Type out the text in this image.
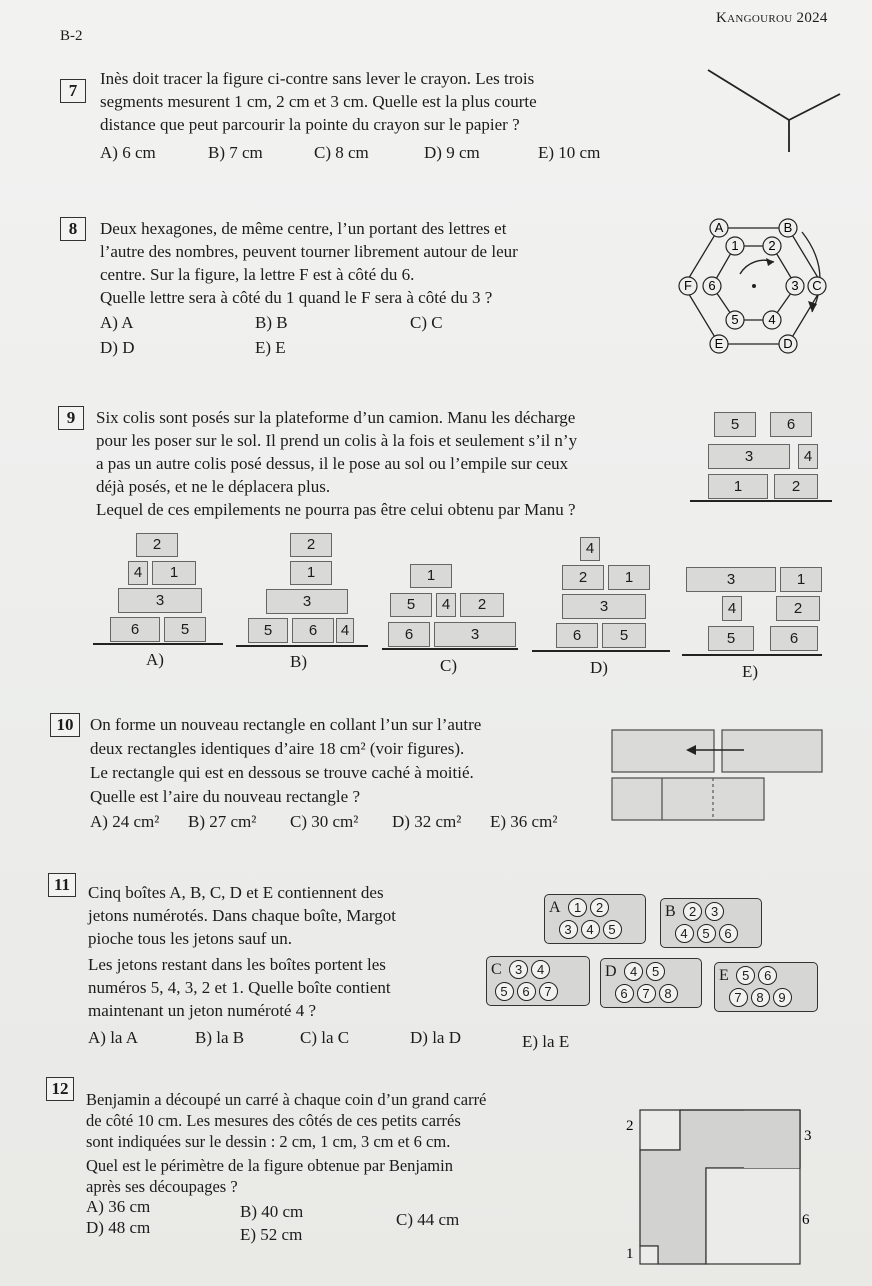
B-2
Kangourou 2024
7
Inès doit tracer la figure ci-contre sans lever le crayon. Les trois
segments mesurent 1 cm, 2 cm et 3 cm. Quelle est la plus courte
distance que peut parcourir la pointe du crayon sur le papier ?
A) 6 cm	B) 7 cm	C) 8 cm	D) 9 cm	E) 10 cm
8	Deux hexagones, de même centre, l’un portant des lettres et
l’autre des nombres, peuvent tourner librement autour de leur
centre. Sur la figure, la lettre F est à côté du 6.
Quelle lettre sera à côté du 1 quand le F sera à côté du 3 ?
A) A	B) B	C) C
D) D	E) E
A	B
C
D
E
F
1 2
3
4
5
6
9	Six colis sont posés sur la plateforme d’un camion. Manu les décharge
pour les poser sur le sol. Il prend un colis à la fois et seulement s’il n’y
a pas un autre colis posé dessus, il le pose au sol ou l’empile sur ceux
déjà posés, et ne le déplacera plus.
Lequel de ces empilements ne pourra pas être celui obtenu par Manu ?
5	6
3	4
1	2
2
4	1
3
6	5
A)
2
1
3
5	6	4
B)
1
5	4	2
6	3
C)
4
2	1
3
6	5
D)
3	1
4	2
5	6
E)
10 On forme un nouveau rectangle en collant l’un sur l’autre
deux rectangles identiques d’aire 18 cm² (voir figures).
Le rectangle qui est en dessous se trouve caché à moitié.
Quelle est l’aire du nouveau rectangle ?
A) 24 cm² B) 27 cm² C) 30 cm² D) 32 cm² E) 36 cm²
11	Cinq boîtes A, B, C, D et E contiennent des
jetons numérotés. Dans chaque boîte, Margot
pioche tous les jetons sauf un.
Les jetons restant dans les boîtes portent les
numéros 5, 4, 3, 2 et 1. Quelle boîte contient
maintenant un jeton numéroté 4 ?
A) la A	B) la B	C) la C	D) la D	E) la E
A 1 2
3 4 5
B 2 3
4 5 6
C 3 4
5 6 7
D 4 5
6 7 8
E 5 6
7 8 9
12
Benjamin a découpé un carré à chaque coin d’un grand carré
de côté 10 cm. Les mesures des côtés de ces petits carrés
sont indiquées sur le dessin : 2 cm, 1 cm, 3 cm et 6 cm.
Quel est le périmètre de la figure obtenue par Benjamin
après ses découpages ?
A) 36 cm	B) 40 cm	C) 44 cm
D) 48 cm	E) 52 cm
2
3
6
1
